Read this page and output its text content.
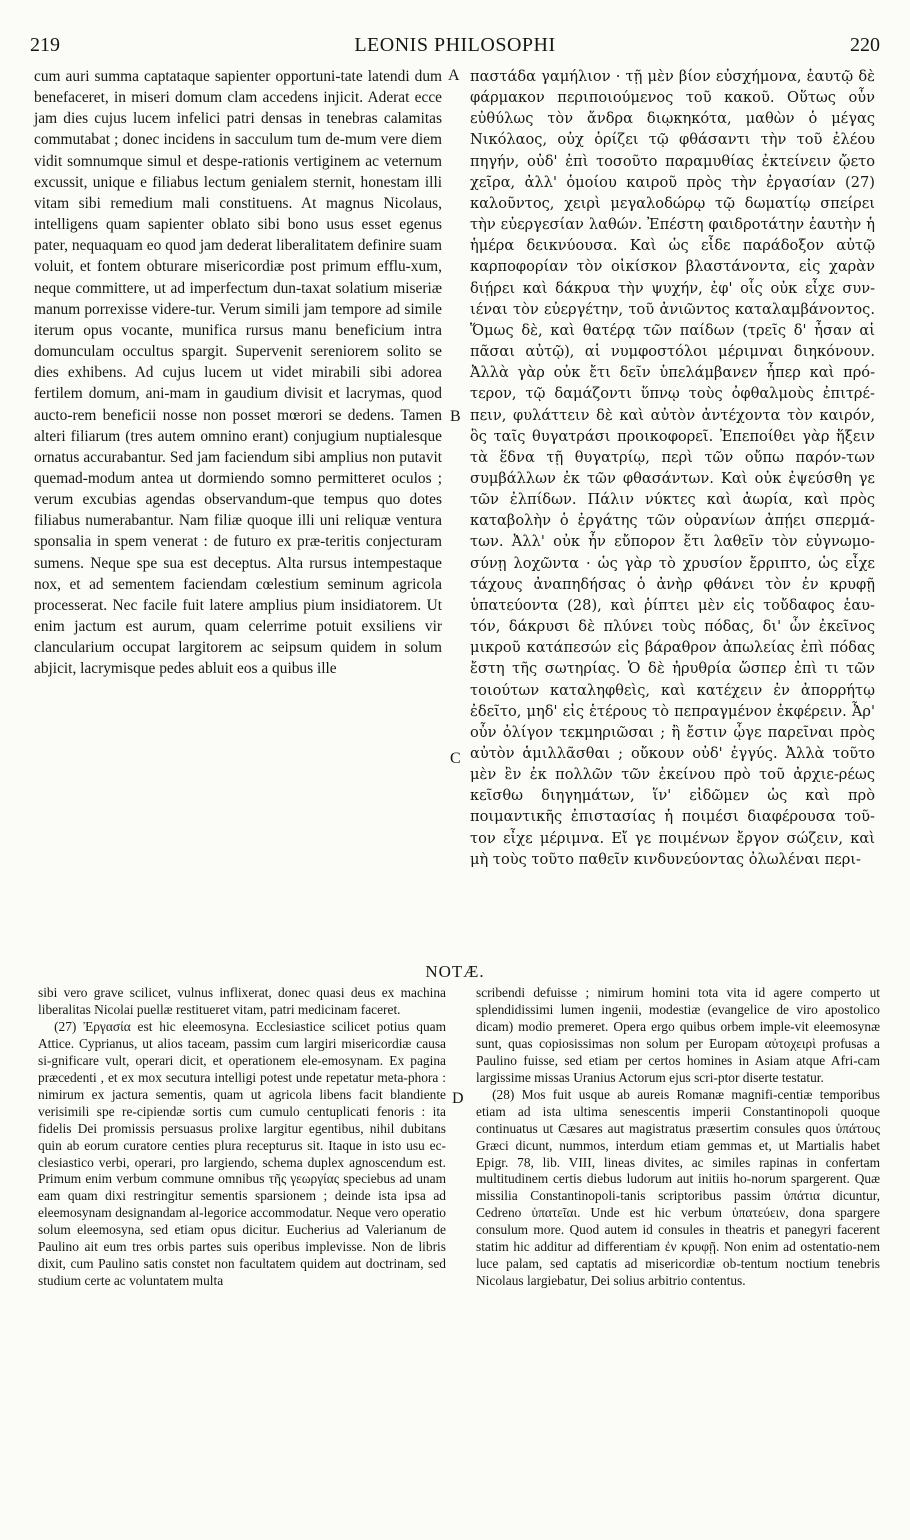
219	LEONIS PHILOSOPHI	220

cum auri summa captataque sapienter opportuni-tate latendi dum benefaceret, in miseri domum clam accedens injicit. Aderat ecce jam dies cujus lucem infelici patri densas in tenebras calamitas commutabat ; donec incidens in sacculum tum de-mum vere diem vidit somnumque simul et despe-rationis vertiginem ac veternum excussit, unique e filiabus lectum genialem sternit, honestam illi vitam sibi remedium mali constituens. At magnus Nicolaus, intelligens quam sapienter oblato sibi bono usus esset egenus pater, nequaquam eo quod jam dederat liberalitatem definire suam voluit, et fontem obturare misericordiæ post primum efflu-xum, neque committere, ut ad imperfectum dun-taxat solatium miseriæ manum porrexisse videre-tur. Verum simili jam tempore ad simile iterum opus vocante, munifica rursus manu beneficium intra domunculam occultus spargit. Supervenit sereniorem solito se dies exhibens. Ad cujus lucem ut videt mirabili sibi adorea fertilem domum, ani-mam in gaudium divisit et lacrymas, quod aucto-rem beneficii nosse non posset mœrori se dedens. Tamen alteri filiarum (tres autem omnino erant) conjugium nuptialesque ornatus accurabantur. Sed jam faciendum sibi amplius non putavit quemad-modum antea ut dormiendo somno permitteret oculos ; verum excubias agendas observandum-que tempus quo dotes filiabus numerabantur. Nam filiæ quoque illi uni reliquæ ventura sponsalia in spem venerat : de futuro ex præ-teritis conjecturam sumens. Neque spe sua est deceptus. Alta rursus intempestaque nox, et ad sementem faciendam cœlestium seminum agricola processerat. Nec facile fuit latere amplius pium insidiatorem. Ut enim jactum est aurum, quam celerrime potuit exsiliens vir clancularium occupat largitorem ac seipsum quidem in solum abjicit, lacrymisque pedes abluit eos a quibus ille

A
B
C
D

παστάδα γαμήλιον · τῇ μὲν βίον εὐσχήμονα, ἑαυτῷ δὲ φάρμακον περιποιούμενος τοῦ κακοῦ. Οὕτως οὖν εὐθύλως τὸν ἄνδρα διῳκηκότα, μαθὼν ὁ μέγας Νικόλαος, οὐχ ὁρίζει τῷ φθάσαντι τὴν τοῦ ἐλέου πηγήν, οὐδ' ἐπὶ τοσοῦτο παραμυθίας ἐκτείνειν ᾤετο χεῖρα, ἀλλ' ὁμοίου καιροῦ πρὸς τὴν ἐργασίαν (27) καλοῦντος, χειρὶ μεγαλοδώρῳ τῷ δωματίῳ σπείρει τὴν εὐεργεσίαν λαθών. Ἐπέστη φαιδροτάτην ἑαυτὴν ἡ ἡμέρα δεικνύουσα. Καὶ ὡς εἶδε παράδοξον αὐτῷ καρποφορίαν τὸν οἰκίσκον βλαστάνοντα, εἰς χαρὰν διῄρει καὶ δάκρυα τὴν ψυχήν, ἐφ' οἷς οὐκ εἶχε συν-ιέναι τὸν εὐεργέτην, τοῦ ἀνιῶντος καταλαμβάνοντος. Ὅμως δὲ, καὶ θατέρᾳ τῶν παίδων (τρεῖς δ' ἦσαν αἱ πᾶσαι αὐτῷ), αἱ νυμφοστόλοι μέριμναι διηκόνουν. Ἀλλὰ γὰρ οὐκ ἔτι δεῖν ὑπελάμβανεν ἧπερ καὶ πρό-τερον, τῷ δαμάζοντι ὕπνῳ τοὺς ὀφθαλμοὺς ἐπιτρέ-πειν, φυλάττειν δὲ καὶ αὐτὸν ἀντέχοντα τὸν καιρόν, ὃς ταῖς θυγατράσι προικοφορεῖ. Ἐπεποίθει γὰρ ἥξειν τὰ ἕδνα τῇ θυγατρίῳ, περὶ τῶν οὔπω παρόν-των συμβάλλων ἐκ τῶν φθασάντων. Καὶ οὐκ ἐψεύσθη γε τῶν ἐλπίδων. Πάλιν νύκτες καὶ ἀωρία, καὶ πρὸς καταβολὴν ὁ ἐργάτης τῶν οὐρανίων ἀπῄει σπερμά-των. Ἀλλ' οὐκ ἦν εὔπορον ἔτι λαθεῖν τὸν εὐγνωμο-σύνῃ λοχῶντα · ὡς γὰρ τὸ χρυσίον ἔρριπτο, ὡς εἶχε τάχους ἀναπηδήσας ὁ ἀνὴρ φθάνει τὸν ἐν κρυφῇ ὑπατεύοντα (28), καὶ ῥίπτει μὲν εἰς τοὔδαφος ἑαυ-τόν, δάκρυσι δὲ πλύνει τοὺς πόδας, δι' ὧν ἐκεῖνος μικροῦ κατάπεσών εἰς βάραθρον ἀπωλείας ἐπὶ πόδας ἔστη τῆς σωτηρίας. Ὁ δὲ ἠρυθρία ὥσπερ ἐπὶ τι τῶν τοιούτων καταληφθεὶς, καὶ κατέχειν ἐν ἀπορρήτῳ ἐδεῖτο, μηδ' εἰς ἑτέρους τὸ πεπραγμένον ἐκφέρειν. Ἆρ' οὖν ὀλίγον τεκμηριῶσαι ; ἢ ἔστιν ᾧγε παρεῖναι πρὸς αὐτὸν ἁμιλλᾶσθαι ; οὔκουν οὐδ' ἐγγύς. Ἀλλὰ τοῦτο μὲν ἓν ἐκ πολλῶν τῶν ἐκείνου πρὸ τοῦ ἀρχιε-ρέως κεῖσθω διηγημάτων, ἵν' εἰδῶμεν ὡς καὶ πρὸ ποιμαντικῆς ἐπιστασίας ἡ ποιμέσι διαφέρουσα τοῦ-τον εἶχε μέριμνα. Εἴ γε ποιμένων ἔργον σώζειν, καὶ μὴ τοὺς τοῦτο παθεῖν κινδυνεύοντας ὀλωλέναι περι-

NOTÆ.

sibi vero grave scilicet, vulnus inflixerat, donec quasi deus ex machina liberalitas Nicolai puellæ restitueret vitam, patri medicinam faceret.

(27) Ἐργασία est hic eleemosyna. Ecclesiastice scilicet potius quam Attice. Cyprianus, ut alios taceam, passim cum largiri misericordiæ causa si-gnificare vult, operari dicit, et operationem ele-emosynam. Ex pagina præcedenti , et ex mox secutura intelligi potest unde repetatur meta-phora : nimirum ex jactura sementis, quam ut agricola libens facit blandiente verisimili spe re-cipiendæ sortis cum cumulo centuplicati fenoris : ita fidelis Dei promissis persuasus prolixe largitur egentibus, nihil dubitans quin ab eorum curatore centies plura recepturus sit. Itaque in isto usu ec-clesiastico verbi, operari, pro largiendo, schema duplex agnoscendum est. Primum enim verbum commune omnibus τῆς γεωργίας speciebus ad unam eam quam dixi restringitur sementis sparsionem ; deinde ista ipsa ad eleemosynam designandam al-legorice accommodatur. Neque vero operatio solum eleemosyna, sed etiam opus dicitur. Eucherius ad Valerianum de Paulino ait eum tres orbis partes suis operibus implevisse. Non de libris dixit, cum Paulino satis constet non facultatem quidem aut doctrinam, sed studium certe ac voluntatem multa

scribendi defuisse ; nimirum homini tota vita id agere comperto ut splendidissimi lumen ingenii, modestiæ (evangelice de viro apostolico dicam) modio premeret. Opera ergo quibus orbem imple-vit eleemosynæ sunt, quas copiosissimas non solum per Europam αὐτοχειρὶ profusas a Paulino fuisse, sed etiam per certos homines in Asiam atque Afri-cam largissime missas Uranius Actorum ejus scri-ptor diserte testatur.

(28) Mos fuit usque ab aureis Romanæ magnifi-centiæ temporibus etiam ad ista ultima senescentis imperii Constantinopoli quoque continuatus ut Cæsares aut magistratus præsertim consules quos ὑπάτους Græci dicunt, nummos, interdum etiam gemmas et, ut Martialis habet Epigr. 78, lib. VIII, lineas divites, ac similes rapinas in confertam multitudinem certis diebus ludorum aut initiis ho-norum spargerent. Quæ missilia Constantinopoli-tanis scriptoribus passim ὑπάτια dicuntur, Cedreno ὑπατεῖαι. Unde est hic verbum ὑπατεύειν, dona spargere consulum more. Quod autem id consules in theatris et panegyri facerent statim hic additur ad differentiam ἐν κρυφῇ. Non enim ad ostentatio-nem luce palam, sed captatis ad misericordiæ ob-tentum noctium tenebris Nicolaus largiebatur, Dei solius arbitrio contentus.
